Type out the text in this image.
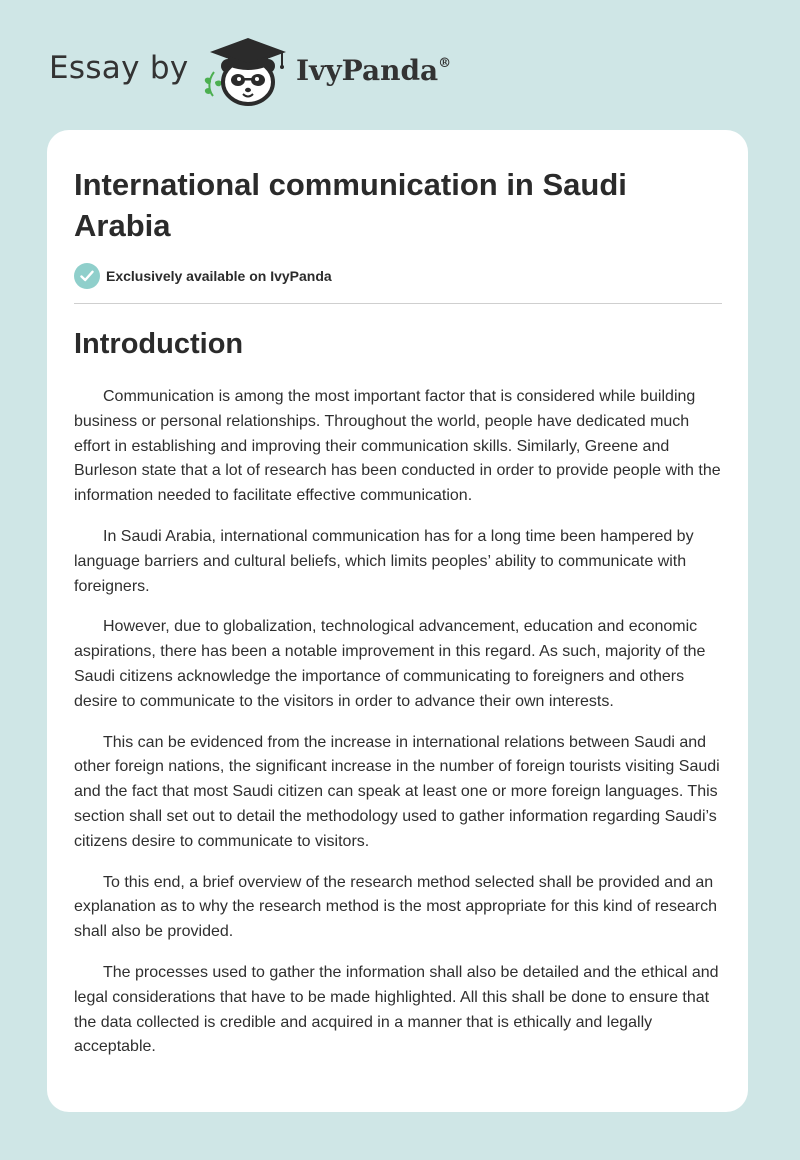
Essay by	IvyPanda®
International communication in Saudi Arabia
Exclusively available on IvyPanda
Introduction

Communication is among the most important factor that is considered while building business or personal relationships. Throughout the world, people have dedicated much effort in establishing and improving their communication skills. Similarly, Greene and Burleson state that a lot of research has been conducted in order to provide people with the information needed to facilitate effective communication.

In Saudi Arabia, international communication has for a long time been hampered by language barriers and cultural beliefs, which limits peoples’ ability to communicate with foreigners.

However, due to globalization, technological advancement, education and economic aspirations, there has been a notable improvement in this regard. As such, majority of the Saudi citizens acknowledge the importance of communicating to foreigners and others desire to communicate to the visitors in order to advance their own interests.

This can be evidenced from the increase in international relations between Saudi and other foreign nations, the significant increase in the number of foreign tourists visiting Saudi and the fact that most Saudi citizen can speak at least one or more foreign languages. This section shall set out to detail the methodology used to gather information regarding Saudi’s citizens desire to communicate to visitors.

To this end, a brief overview of the research method selected shall be provided and an explanation as to why the research method is the most appropriate for this kind of research shall also be provided.

The processes used to gather the information shall also be detailed and the ethical and legal considerations that have to be made highlighted. All this shall be done to ensure that the data collected is credible and acquired in a manner that is ethically and legally acceptable.
